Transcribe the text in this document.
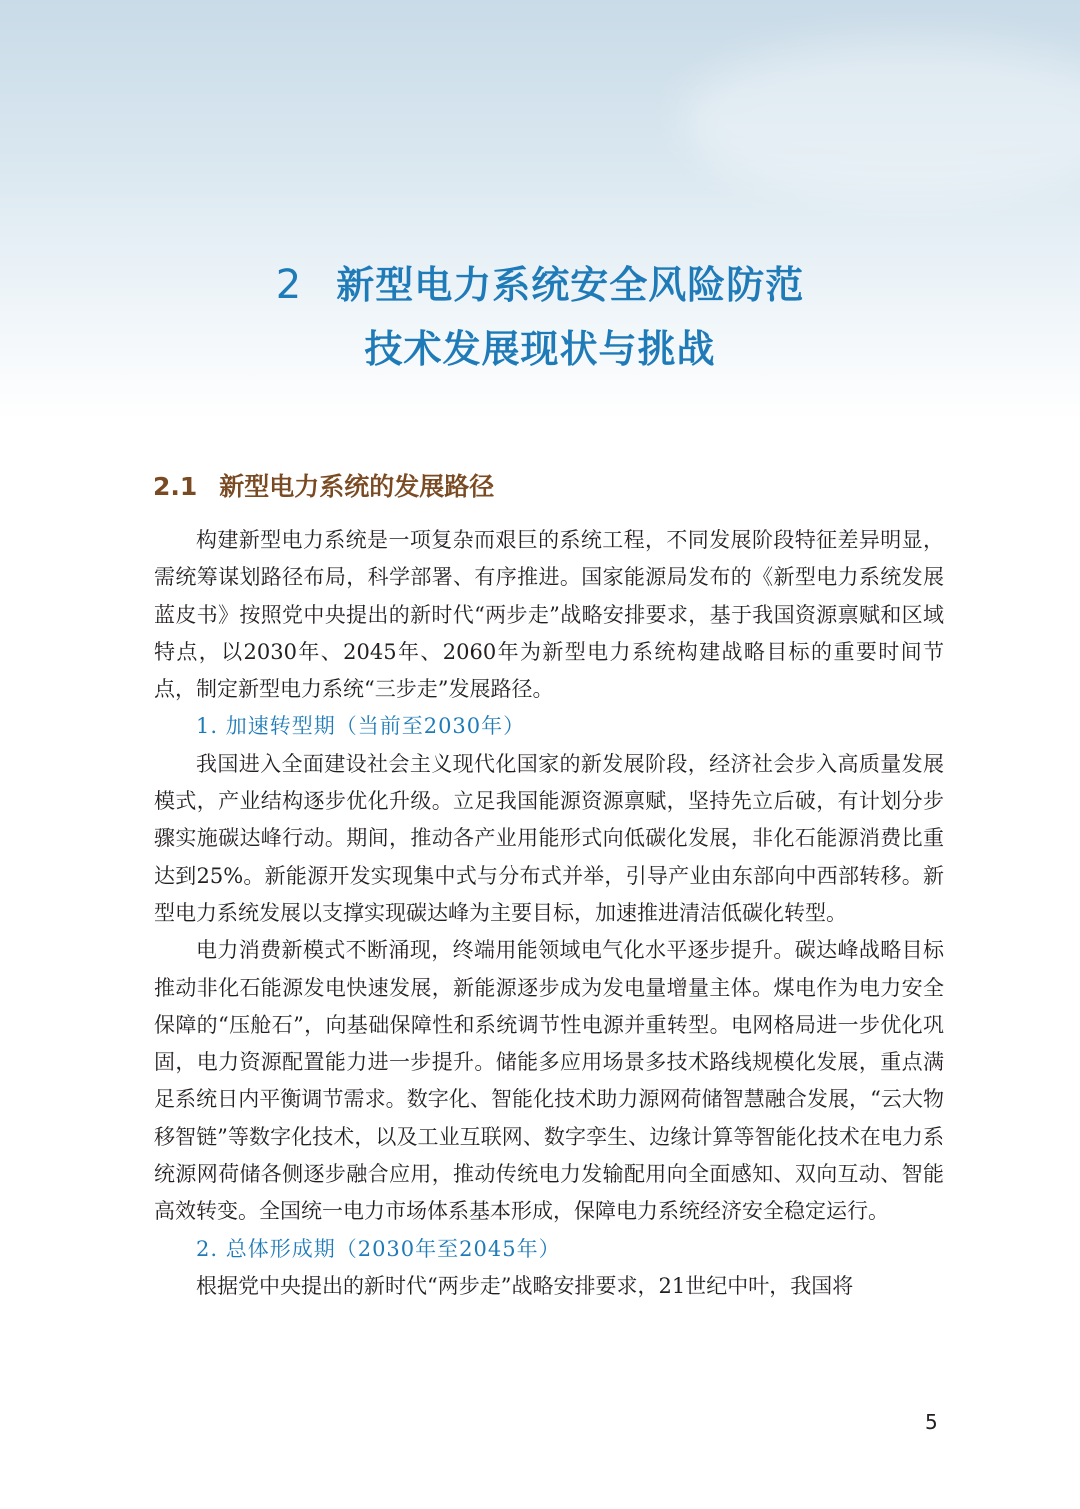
2 新型电力系统安全风险防范
技术发展现状与挑战
2.1 新型电力系统的发展路径

构建新型电力系统是一项复杂而艰巨的系统工程，不同发展阶段特征差异明显，需统筹谋划路径布局，科学部署、有序推进。国家能源局发布的《新型电力系统发展蓝皮书》按照党中央提出的新时代“两步走”战略安排要求，基于我国资源禀赋和区域特点，以2030年、2045年、2060年为新型电力系统构建战略目标的重要时间节点，制定新型电力系统“三步走”发展路径。

1. 加速转型期（当前至2030年）

我国进入全面建设社会主义现代化国家的新发展阶段，经济社会步入高质量发展模式，产业结构逐步优化升级。立足我国能源资源禀赋，坚持先立后破，有计划分步骤实施碳达峰行动。期间，推动各产业用能形式向低碳化发展，非化石能源消费比重达到25%。新能源开发实现集中式与分布式并举，引导产业由东部向中西部转移。新型电力系统发展以支撑实现碳达峰为主要目标，加速推进清洁低碳化转型。

电力消费新模式不断涌现，终端用能领域电气化水平逐步提升。碳达峰战略目标推动非化石能源发电快速发展，新能源逐步成为发电量增量主体。煤电作为电力安全保障的“压舱石”，向基础保障性和系统调节性电源并重转型。电网格局进一步优化巩固，电力资源配置能力进一步提升。储能多应用场景多技术路线规模化发展，重点满足系统日内平衡调节需求。数字化、智能化技术助力源网荷储智慧融合发展，“云大物移智链”等数字化技术，以及工业互联网、数字孪生、边缘计算等智能化技术在电力系统源网荷储各侧逐步融合应用，推动传统电力发输配用向全面感知、双向互动、智能高效转变。全国统一电力市场体系基本形成，保障电力系统经济安全稳定运行。

2. 总体形成期（2030年至2045年）

根据党中央提出的新时代“两步走”战略安排要求，21世纪中叶，我国将

5
